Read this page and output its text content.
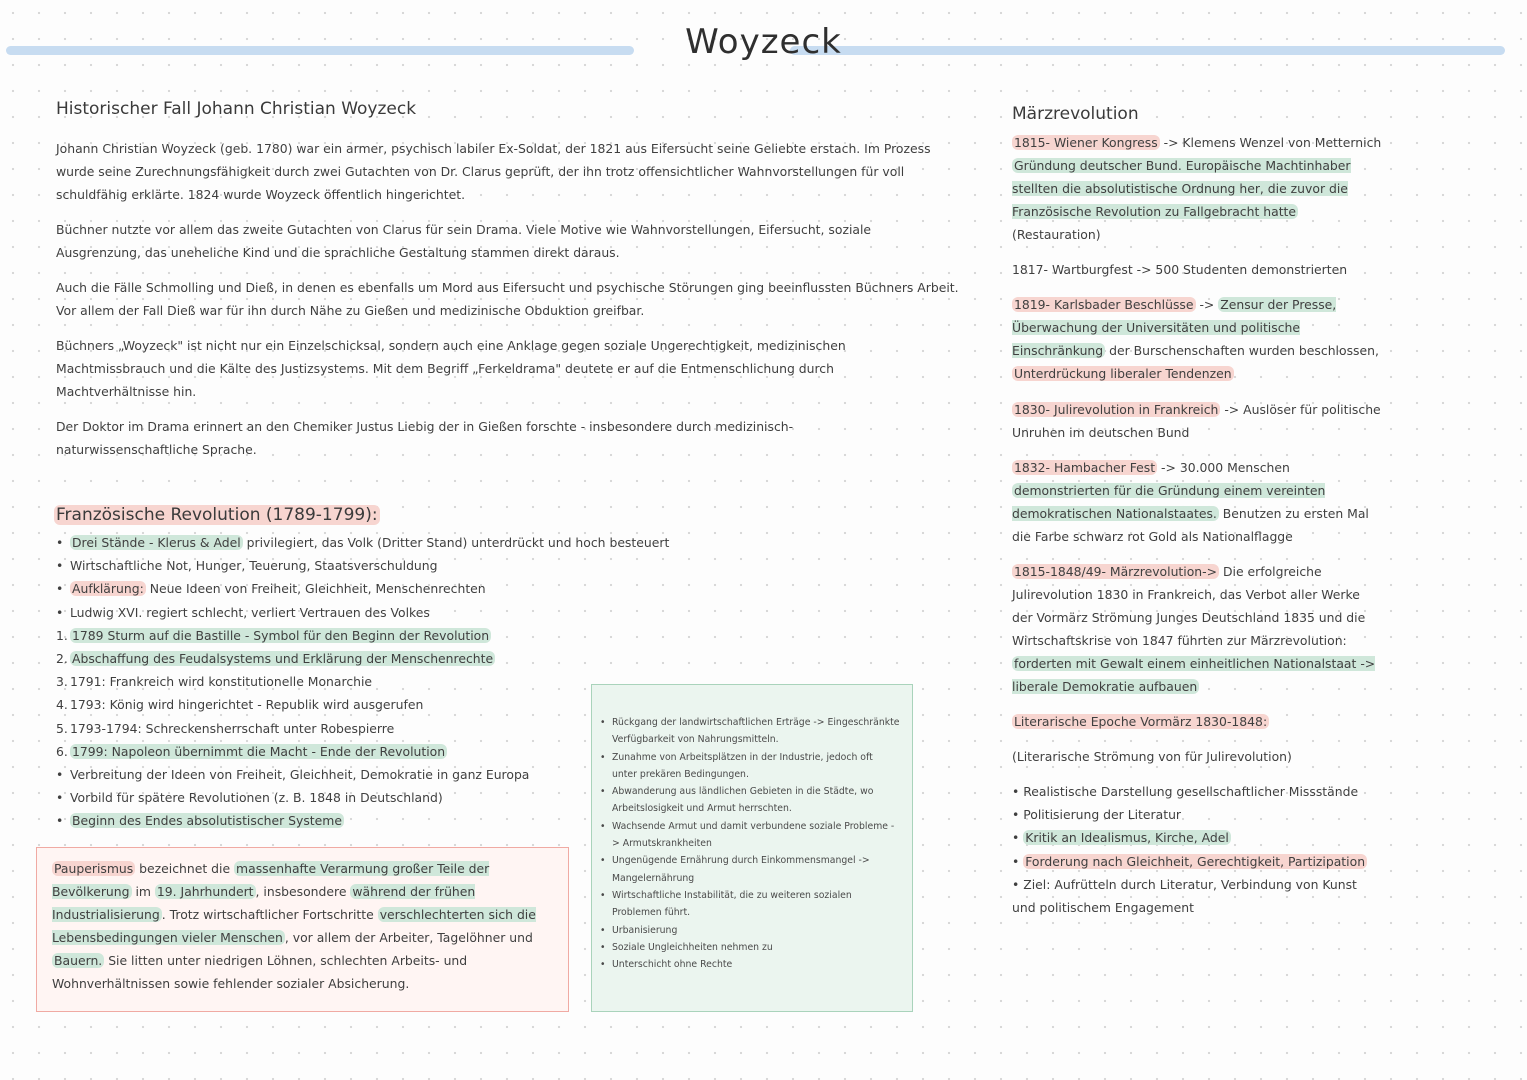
Woyzeck
Historischer Fall Johann Christian Woyzeck
Johann Christian Woyzeck (geb. 1780) war ein armer, psychisch labiler Ex-Soldat, der 1821 aus Eifersucht seine Geliebte erstach. Im Prozess wurde seine Zurechnungsfähigkeit durch zwei Gutachten von Dr. Clarus geprüft, der ihn trotz offensichtlicher Wahnvorstellungen für voll schuldfähig erklärte. 1824 wurde Woyzeck öffentlich hingerichtet.
Büchner nutzte vor allem das zweite Gutachten von Clarus für sein Drama. Viele Motive wie Wahnvorstellungen, Eifersucht, soziale Ausgrenzung, das uneheliche Kind und die sprachliche Gestaltung stammen direkt daraus.
Auch die Fälle Schmolling und Dieß, in denen es ebenfalls um Mord aus Eifersucht und psychische Störungen ging beeinflussten Büchners Arbeit. Vor allem der Fall Dieß war für ihn durch Nähe zu Gießen und medizinische Obduktion greifbar.
Büchners „Woyzeck" ist nicht nur ein Einzelschicksal, sondern auch eine Anklage gegen soziale Ungerechtigkeit, medizinischen Machtmissbrauch und die Kälte des Justizsystems. Mit dem Begriff „Ferkeldrama" deutete er auf die Entmenschlichung durch Machtverhältnisse hin.
Der Doktor im Drama erinnert an den Chemiker Justus Liebig der in Gießen forschte - insbesondere durch medizinisch-naturwissenschaftliche Sprache.
Französische Revolution (1789-1799):
• Drei Stände - Klerus & Adel privilegiert, das Volk (Dritter Stand) unterdrückt und hoch besteuert
• Wirtschaftliche Not, Hunger, Teuerung, Staatsverschuldung
• Aufklärung: Neue Ideen von Freiheit, Gleichheit, Menschenrechten
• Ludwig XVI. regiert schlecht, verliert Vertrauen des Volkes
1. 1789 Sturm auf die Bastille - Symbol für den Beginn der Revolution
2. Abschaffung des Feudalsystems und Erklärung der Menschenrechte
3. 1791: Frankreich wird konstitutionelle Monarchie
4. 1793: König wird hingerichtet - Republik wird ausgerufen
5. 1793-1794: Schreckensherrschaft unter Robespierre
6. 1799: Napoleon übernimmt die Macht - Ende der Revolution
• Verbreitung der Ideen von Freiheit, Gleichheit, Demokratie in ganz Europa
• Vorbild für spätere Revolutionen (z. B. 1848 in Deutschland)
• Beginn des Endes absolutistischer Systeme
Pauperismus bezeichnet die massenhafte Verarmung großer Teile der Bevölkerung im 19. Jahrhundert , insbesondere während der frühen Industrialisierung . Trotz wirtschaftlicher Fortschritte verschlechterten sich die Lebensbedingungen vieler Menschen , vor allem der Arbeiter, Tagelöhner und Bauern. Sie litten unter niedrigen Löhnen, schlechten Arbeits- und Wohnverhältnissen sowie fehlender sozialer Absicherung.
• Rückgang der landwirtschaftlichen Erträge -> Eingeschränkte Verfügbarkeit von Nahrungsmitteln.
• Zunahme von Arbeitsplätzen in der Industrie, jedoch oft unter prekären Bedingungen.
• Abwanderung aus ländlichen Gebieten in die Städte, wo Arbeitslosigkeit und Armut herrschten.
• Wachsende Armut und damit verbundene soziale Probleme -> Armutskrankheiten
• Ungenügende Ernährung durch Einkommensmangel -> Mangelernährung
• Wirtschaftliche Instabilität, die zu weiteren sozialen Problemen führt.
• Urbanisierung
• Soziale Ungleichheiten nehmen zu
• Unterschicht ohne Rechte
Märzrevolution
1815- Wiener Kongress -> Klemens Wenzel von Metternich Gründung deutscher Bund. Europäische Machtinhaber stellten die absolutistische Ordnung her, die zuvor die Französische Revolution zu Fallgebracht hatte (Restauration)
1817- Wartburgfest -> 500 Studenten demonstrierten
1819- Karlsbader Beschlüsse -> Zensur der Presse, Überwachung der Universitäten und politische Einschränkung der Burschenschaften wurden beschlossen, Unterdrückung liberaler Tendenzen
1830- Julirevolution in Frankreich -> Auslöser für politische Unruhen im deutschen Bund
1832- Hambacher Fest -> 30.000 Menschen demonstrierten für die Gründung einem vereinten demokratischen Nationalstaates. Benutzen zu ersten Mal die Farbe schwarz rot Gold als Nationalflagge
1815-1848/49- Märzrevolution-> Die erfolgreiche Julirevolution 1830 in Frankreich, das Verbot aller Werke der Vormärz Strömung Junges Deutschland 1835 und die Wirtschaftskrise von 1847 führten zur Märzrevolution: forderten mit Gewalt einem einheitlichen Nationalstaat -> liberale Demokratie aufbauen
Literarische Epoche Vormärz 1830-1848:
(Literarische Strömung von für Julirevolution)
• Realistische Darstellung gesellschaftlicher Missstände
• Politisierung der Literatur
• Kritik an Idealismus, Kirche, Adel
• Forderung nach Gleichheit, Gerechtigkeit, Partizipation
• Ziel: Aufrütteln durch Literatur, Verbindung von Kunst und politischem Engagement
